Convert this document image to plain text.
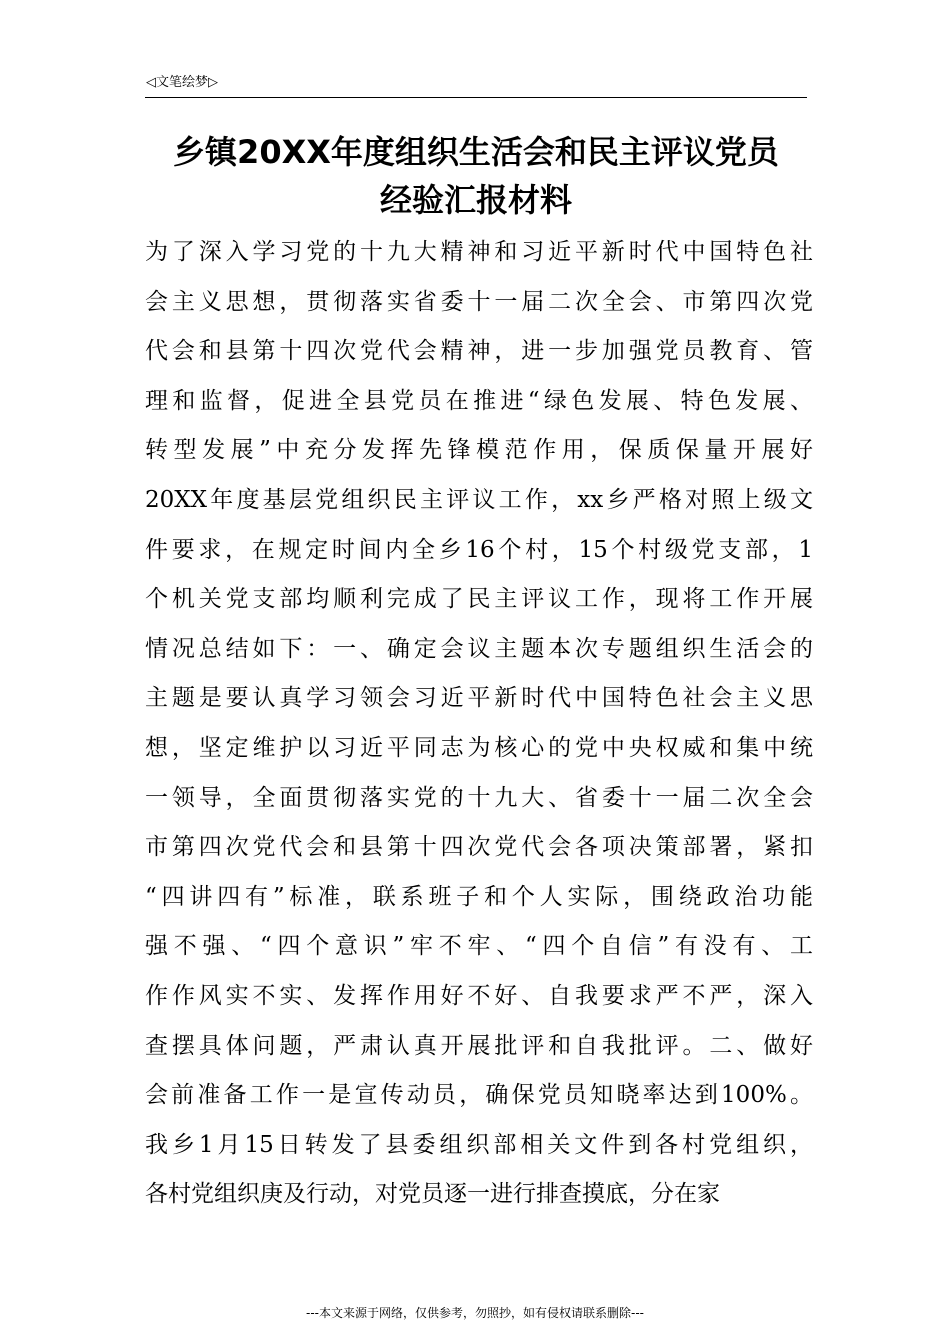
◁文笔绘梦▷
乡镇20XX年度组织生活会和民主评议党员
经验汇报材料
为了深入学习党的十九大精神和习近平新时代中国特色社
会主义思想，贯彻落实省委十一届二次全会、市第四次党
代会和县第十四次党代会精神，进一步加强党员教育、管
理和监督，促进全县党员在推进“绿色发展、特色发展、
转型发展”中充分发挥先锋模范作用，保质保量开展好
20XX年度基层党组织民主评议工作，xx乡严格对照上级文
件要求，在规定时间内全乡16个村，15个村级党支部，1
个机关党支部均顺利完成了民主评议工作，现将工作开展
情况总结如下：一、确定会议主题本次专题组织生活会的
主题是要认真学习领会习近平新时代中国特色社会主义思
想，坚定维护以习近平同志为核心的党中央权威和集中统
一领导，全面贯彻落实党的十九大、省委十一届二次全会
市第四次党代会和县第十四次党代会各项决策部署，紧扣
“四讲四有”标准，联系班子和个人实际，围绕政治功能
强不强、“四个意识”牢不牢、“四个自信”有没有、工
作作风实不实、发挥作用好不好、自我要求严不严，深入
查摆具体问题，严肃认真开展批评和自我批评。二、做好
会前准备工作一是宣传动员，确保党员知晓率达到100%。
我乡1月15日转发了县委组织部相关文件到各村党组织，
各村党组织庚及行动，对党员逐一进行排查摸底，分在家
---本文来源于网络，仅供参考，勿照抄，如有侵权请联系删除---
